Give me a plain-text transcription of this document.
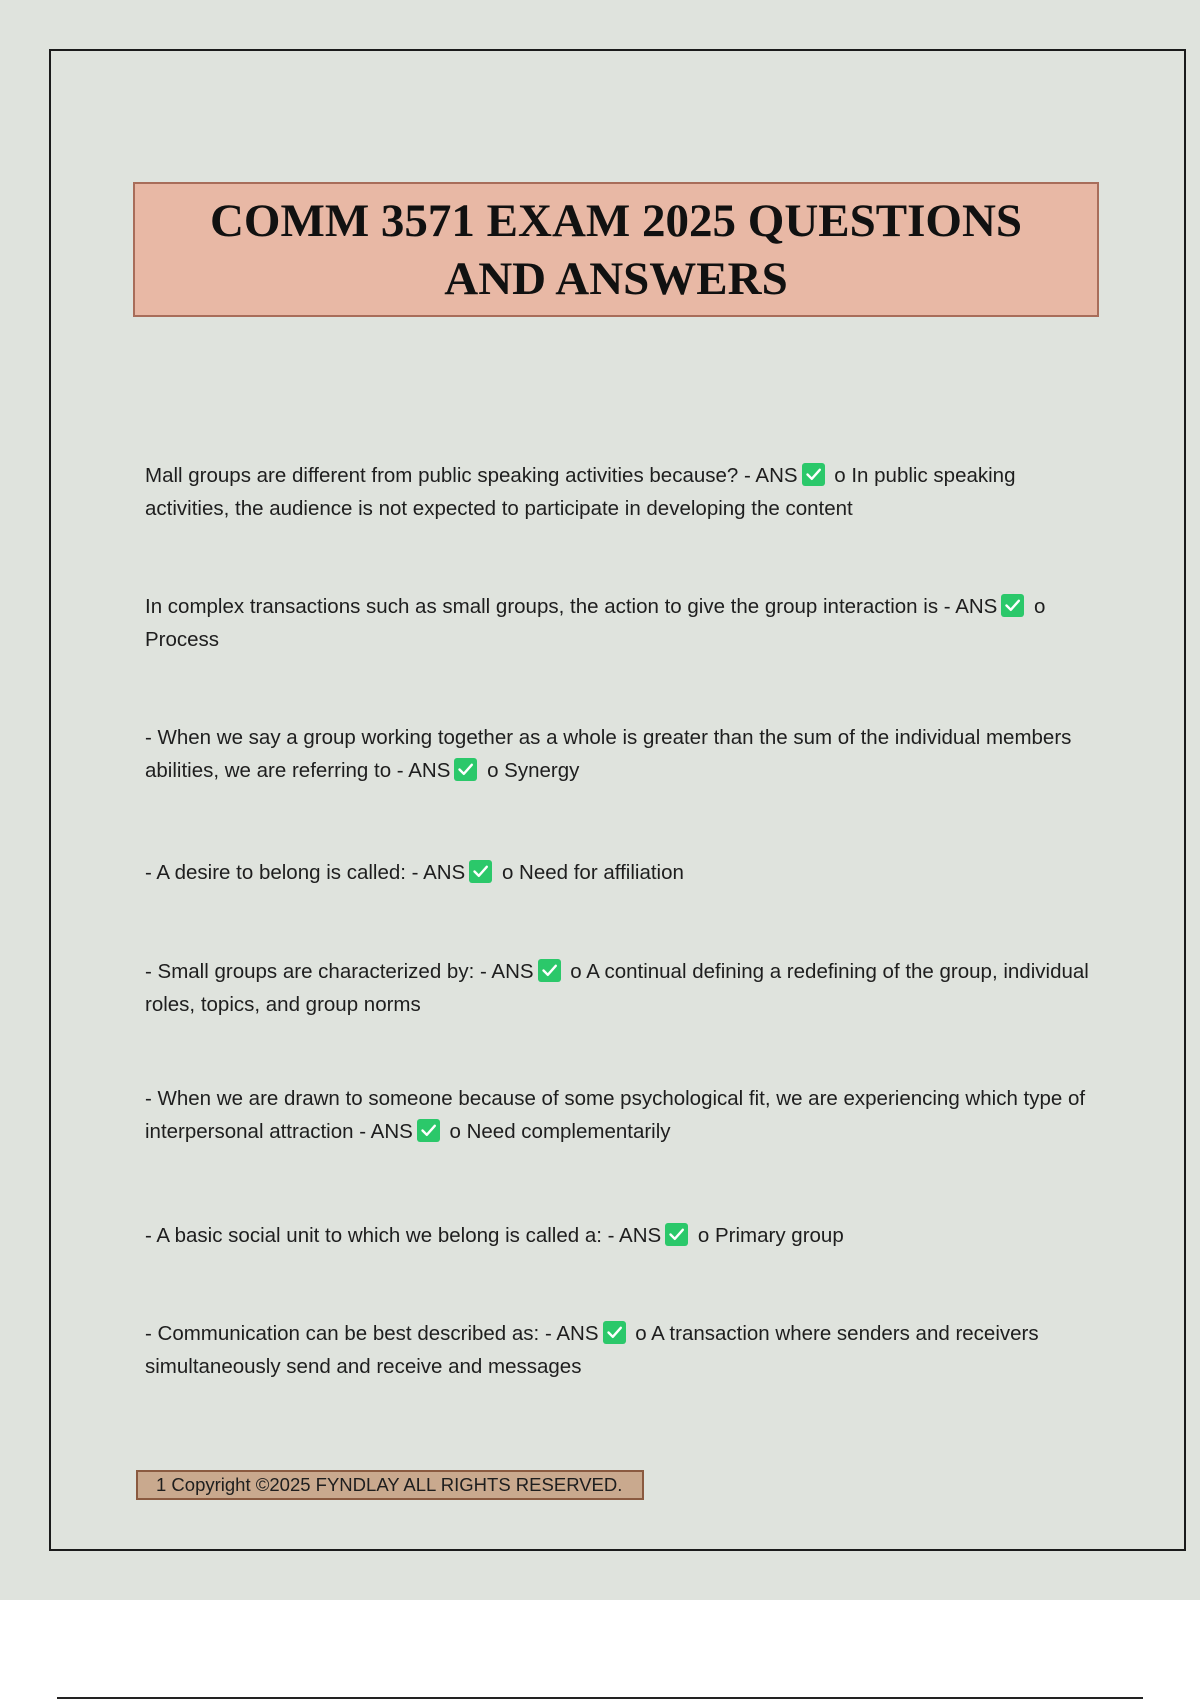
COMM 3571 EXAM 2025 QUESTIONS AND ANSWERS
Mall groups are different from public speaking activities because? - ANS o In public speaking activities, the audience is not expected to participate in developing the content
In complex transactions such as small groups, the action to give the group interaction is - ANS o Process
- When we say a group working together as a whole is greater than the sum of the individual members abilities, we are referring to - ANS o Synergy
- A desire to belong is called: - ANS o Need for affiliation
- Small groups are characterized by: - ANS o A continual defining a redefining of the group, individual roles, topics, and group norms
- When we are drawn to someone because of some psychological fit, we are experiencing which type of interpersonal attraction - ANS o Need complementarily
- A basic social unit to which we belong is called a: - ANS o Primary group
- Communication can be best described as: - ANS o A transaction where senders and receivers simultaneously send and receive and messages
1 Copyright ©2025 FYNDLAY ALL RIGHTS RESERVED.
